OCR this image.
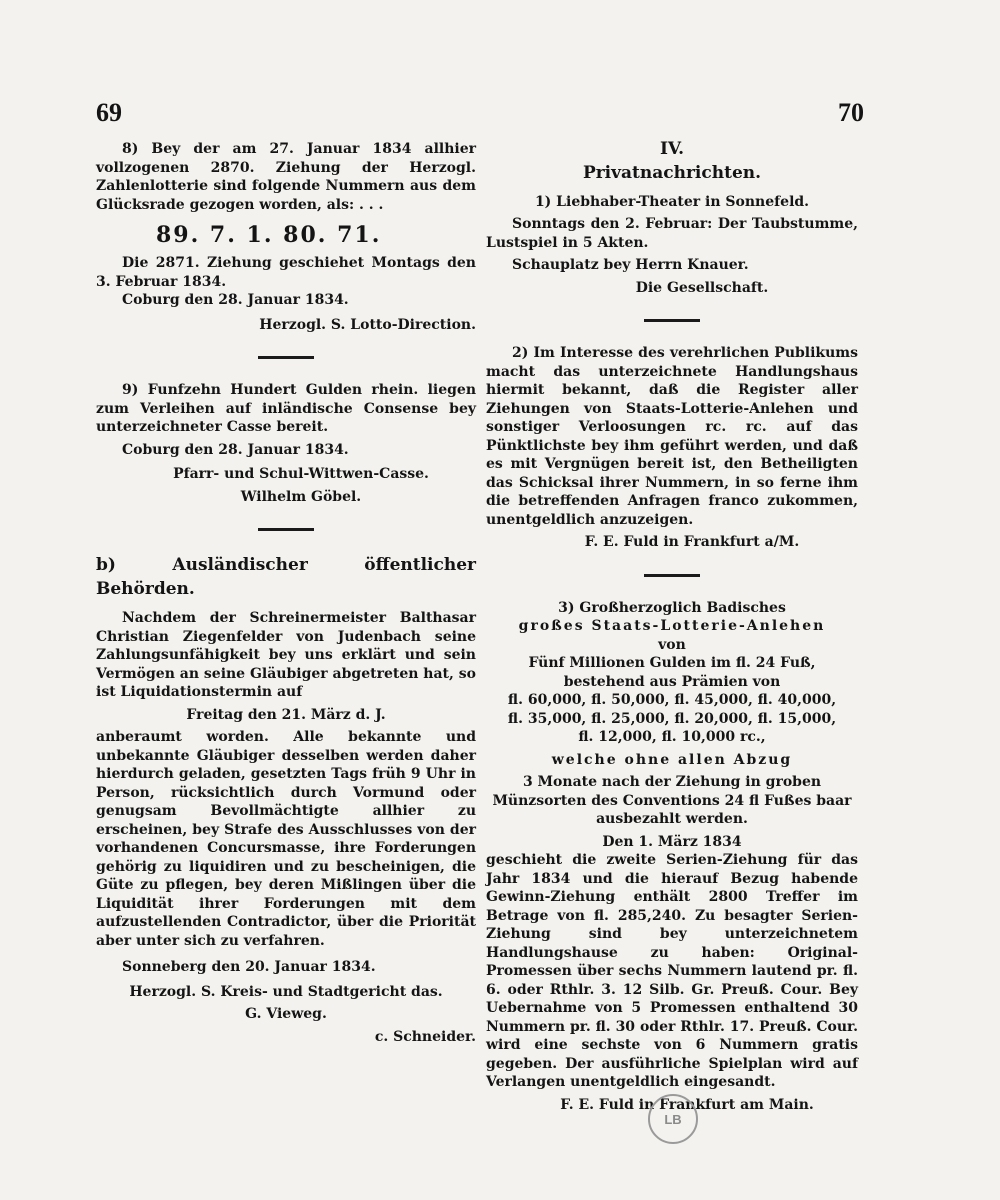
69	70

8) Bey der am 27. Januar 1834 allhier vollzogenen 2870. Ziehung der Herzogl. Zahlenlotterie sind folgende Nummern aus dem Glücksrade gezogen worden, als: . . .

89. 7. 1. 80. 71.

Die 2871. Ziehung geschiehet Montags den 3. Februar 1834.

Coburg den 28. Januar 1834.

Herzogl. S. Lotto-Direction.

9) Funfzehn Hundert Gulden rhein. liegen zum Verleihen auf inländische Consense bey unterzeichneter Casse bereit.

Coburg den 28. Januar 1834.

Pfarr- und Schul-Wittwen-Casse.

Wilhelm Göbel.

b) Ausländischer öffentlicher Behörden.

Nachdem der Schreinermeister Balthasar Christian Ziegenfelder von Judenbach seine Zahlungsunfähigkeit bey uns erklärt und sein Vermögen an seine Gläubiger abgetreten hat, so ist Liquidationstermin auf

Freitag den 21. März d. J.

anberaumt worden. Alle bekannte und unbekannte Gläubiger desselben werden daher hierdurch geladen, gesetzten Tags früh 9 Uhr in Person, rücksichtlich durch Vormund oder genugsam Bevollmächtigte allhier zu erscheinen, bey Strafe des Ausschlusses von der vorhandenen Concursmasse, ihre Forderungen gehörig zu liquidiren und zu bescheinigen, die Güte zu pflegen, bey deren Mißlingen über die Liquidität ihrer Forderungen mit dem aufzustellenden Contradictor, über die Priorität aber unter sich zu verfahren.

Sonneberg den 20. Januar 1834.

Herzogl. S. Kreis- und Stadtgericht das.

G. Vieweg.

c. Schneider.

IV.

Privatnachrichten.

1) Liebhaber-Theater in Sonnefeld.

Sonntags den 2. Februar: Der Taubstumme, Lustspiel in 5 Akten.

Schauplatz bey Herrn Knauer.

Die Gesellschaft.

2) Im Interesse des verehrlichen Publikums macht das unterzeichnete Handlungshaus hiermit bekannt, daß die Register aller Ziehungen von Staats-Lotterie-Anlehen und sonstiger Verloosungen rc. rc. auf das Pünktlichste bey ihm geführt werden, und daß es mit Vergnügen bereit ist, den Betheiligten das Schicksal ihrer Nummern, in so ferne ihm die betreffenden Anfragen franco zukommen, unentgeldlich anzuzeigen.

F. E. Fuld in Frankfurt a/M.

3) Großherzoglich Badisches

großes Staats-Lotterie-Anlehen

von

Fünf Millionen Gulden im fl. 24 Fuß,

bestehend aus Prämien von

fl. 60,000, fl. 50,000, fl. 45,000, fl. 40,000,

fl. 35,000, fl. 25,000, fl. 20,000, fl. 15,000,

fl. 12,000, fl. 10,000 rc.,

welche ohne allen Abzug

3 Monate nach der Ziehung in groben Münzsorten des Conventions 24 fl Fußes baar ausbezahlt werden.

Den 1. März 1834

geschieht die zweite Serien-Ziehung für das Jahr 1834 und die hierauf Bezug habende Gewinn-Ziehung enthält 2800 Treffer im Betrage von fl. 285,240. Zu besagter Serien-Ziehung sind bey unterzeichnetem Handlungshause zu haben: Original-Promessen über sechs Nummern lautend pr. fl. 6. oder Rthlr. 3. 12 Silb. Gr. Preuß. Cour. Bey Uebernahme von 5 Promessen enthaltend 30 Nummern pr. fl. 30 oder Rthlr. 17. Preuß. Cour. wird eine sechste von 6 Nummern gratis gegeben. Der ausführliche Spielplan wird auf Verlangen unentgeldlich eingesandt.

F. E. Fuld in Frankfurt am Main.

LB
